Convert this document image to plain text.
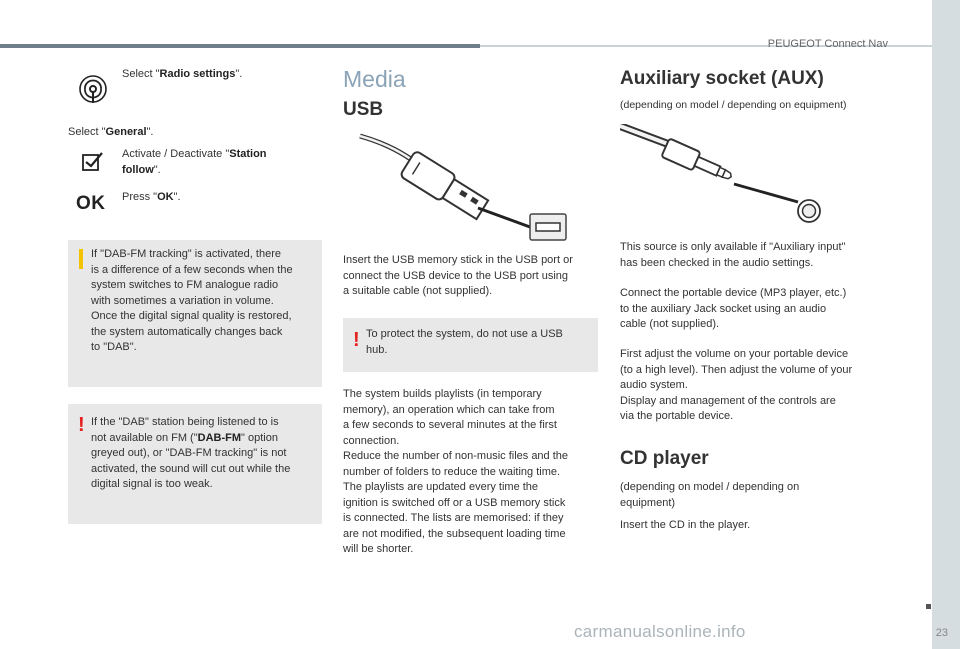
PEUGEOT Connect Nav
Select "Radio settings".
Select "General".
Activate / Deactivate "Station follow".
OK Press "OK".
If "DAB-FM tracking" is activated, there
is a difference of a few seconds when the
system switches to FM analogue radio
with sometimes a variation in volume.
Once the digital signal quality is restored,
the system automatically changes back
to "DAB".
! If the "DAB" station being listened to is
not available on FM ("DAB-FM" option
greyed out), or "DAB-FM tracking" is not
activated, the sound will cut out while the
digital signal is too weak.
Media
USB
Insert the USB memory stick in the USB port or
connect the USB device to the USB port using
a suitable cable (not supplied).
! To protect the system, do not use a USB
hub.
The system builds playlists (in temporary
memory), an operation which can take from
a few seconds to several minutes at the first
connection.
Reduce the number of non-music files and the
number of folders to reduce the waiting time.
The playlists are updated every time the
ignition is switched off or a USB memory stick
is connected. The lists are memorised: if they
are not modified, the subsequent loading time
will be shorter.
Auxiliary socket (AUX)
(depending on model / depending on equipment)
This source is only available if "Auxiliary input"
has been checked in the audio settings.
Connect the portable device (MP3 player, etc.)
to the auxiliary Jack socket using an audio
cable (not supplied).
First adjust the volume on your portable device
(to a high level). Then adjust the volume of your
audio system.
Display and management of the controls are
via the portable device.
CD player
(depending on model / depending on
equipment)
Insert the CD in the player.
23
carmanualsonline.info
